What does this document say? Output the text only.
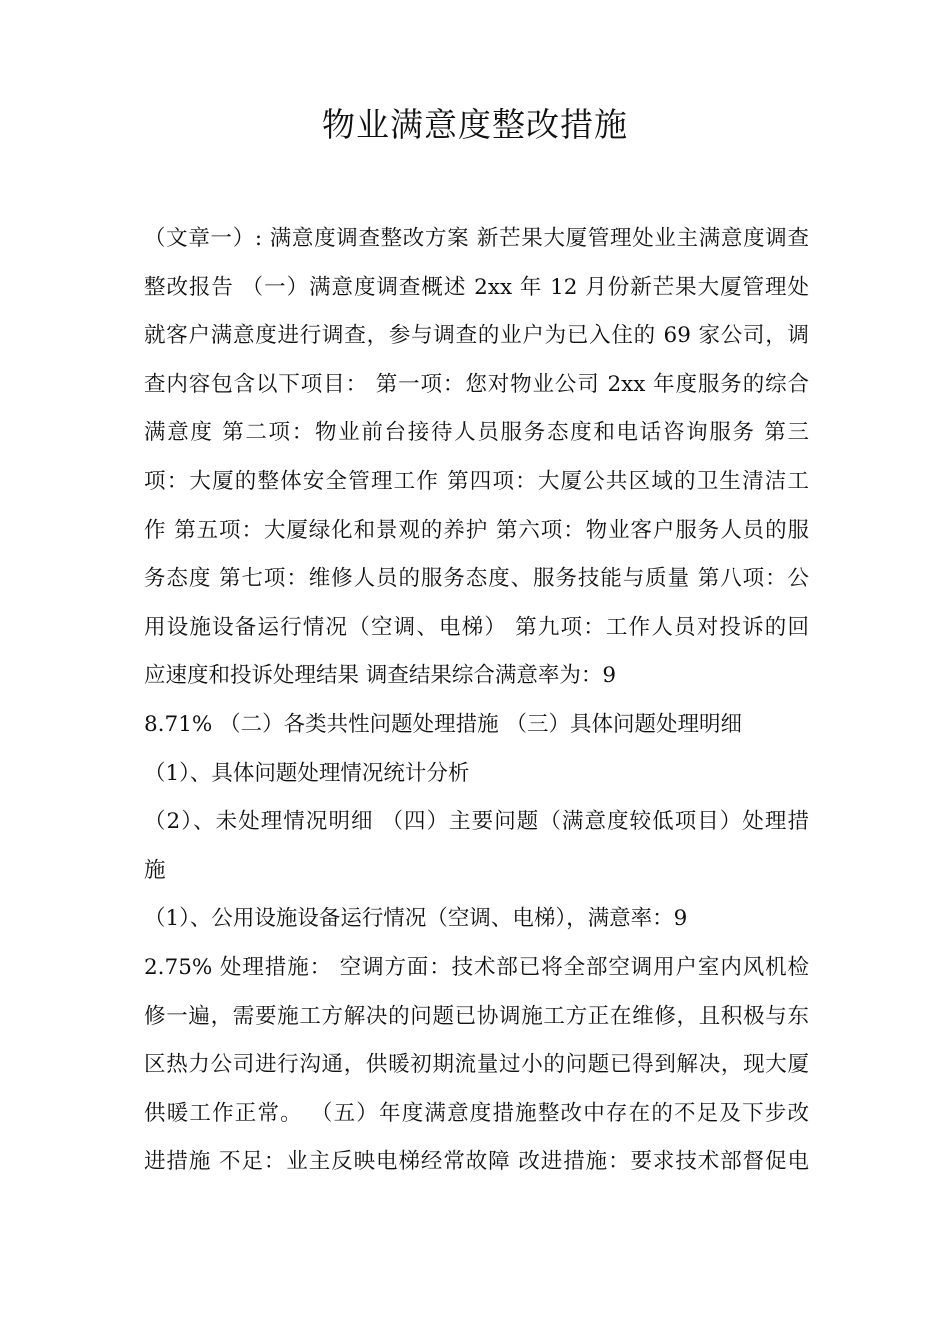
物业满意度整改措施
（文章一）: 满意度调查整改方案 新芒果大厦管理处业主满意度调查
整改报告 （一）满意度调查概述 2xx 年 12 月份新芒果大厦管理处
就客户满意度进行调查，参与调查的业户为已入住的 69 家公司，调
查内容包含以下项目： 第一项：您对物业公司 2xx 年度服务的综合
满意度 第二项：物业前台接待人员服务态度和电话咨询服务 第三
项：大厦的整体安全管理工作 第四项：大厦公共区域的卫生清洁工
作 第五项：大厦绿化和景观的养护 第六项：物业客户服务人员的服
务态度 第七项：维修人员的服务态度、服务技能与质量 第八项：公
用设施设备运行情况（空调、电梯） 第九项：工作人员对投诉的回
应速度和投诉处理结果 调查结果综合满意率为：9
8.71% （二）各类共性问题处理措施 （三）具体问题处理明细
（1）、具体问题处理情况统计分析
（2）、未处理情况明细 （四）主要问题（满意度较低项目）处理措
施
（1）、公用设施设备运行情况（空调、电梯），满意率：9
2.75% 处理措施： 空调方面：技术部已将全部空调用户室内风机检
修一遍，需要施工方解决的问题已协调施工方正在维修，且积极与东
区热力公司进行沟通，供暖初期流量过小的问题已得到解决，现大厦
供暖工作正常。 （五）年度满意度措施整改中存在的不足及下步改
进措施 不足：业主反映电梯经常故障 改进措施：要求技术部督促电
